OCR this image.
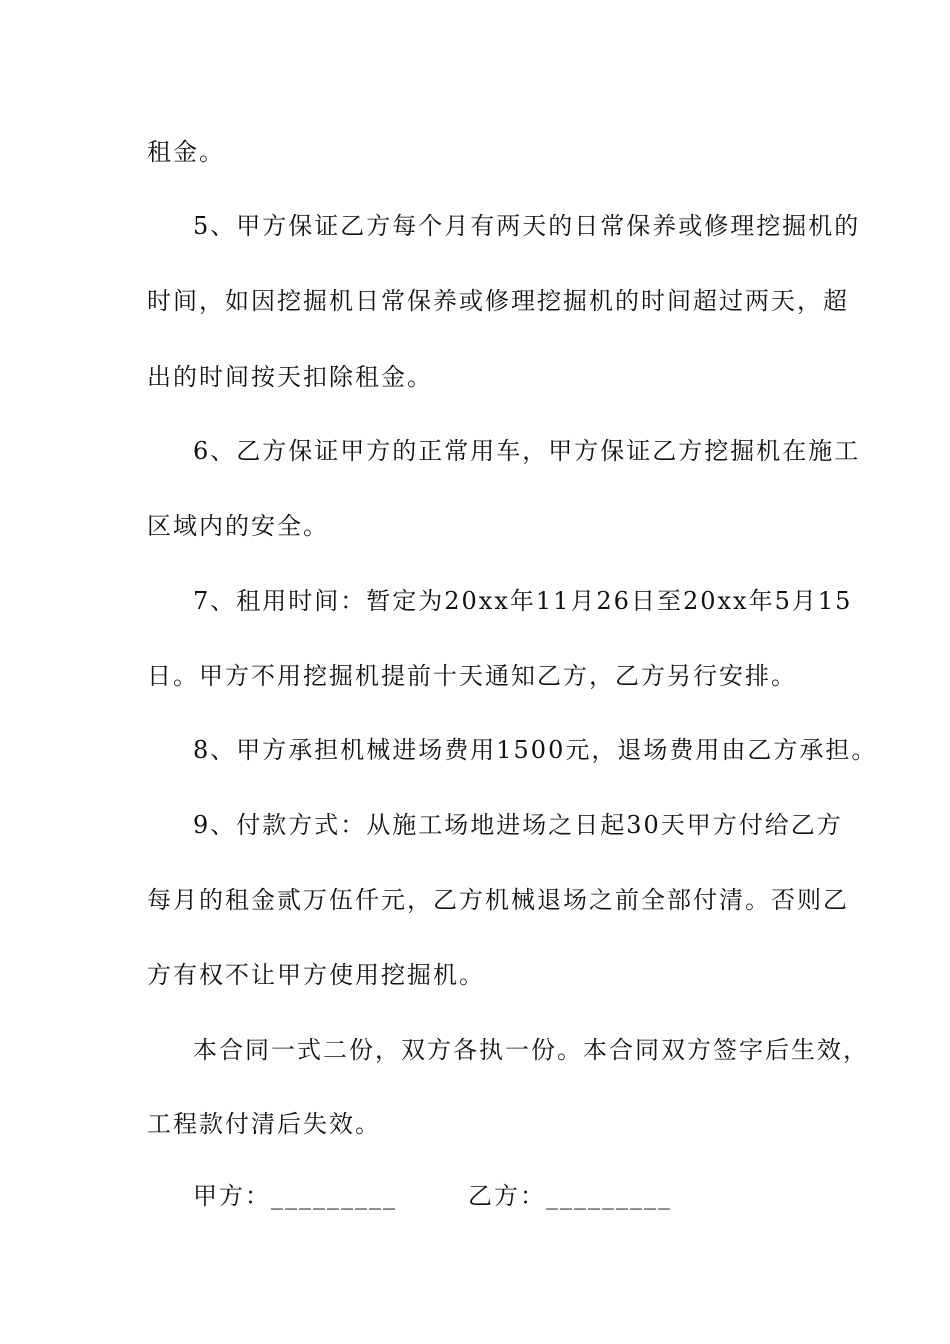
租金。
5、甲方保证乙方每个月有两天的日常保养或修理挖掘机的
时间，如因挖掘机日常保养或修理挖掘机的时间超过两天，超
出的时间按天扣除租金。
6、乙方保证甲方的正常用车，甲方保证乙方挖掘机在施工
区域内的安全。
7、租用时间：暂定为20xx年11月26日至20xx年5月15
日。甲方不用挖掘机提前十天通知乙方，乙方另行安排。
8、甲方承担机械进场费用1500元，退场费用由乙方承担。
9、付款方式：从施工场地进场之日起30天甲方付给乙方
每月的租金贰万伍仟元，乙方机械退场之前全部付清。否则乙
方有权不让甲方使用挖掘机。
本合同一式二份，双方各执一份。本合同双方签字后生效，
工程款付清后失效。
甲方：_________	乙方：_________
